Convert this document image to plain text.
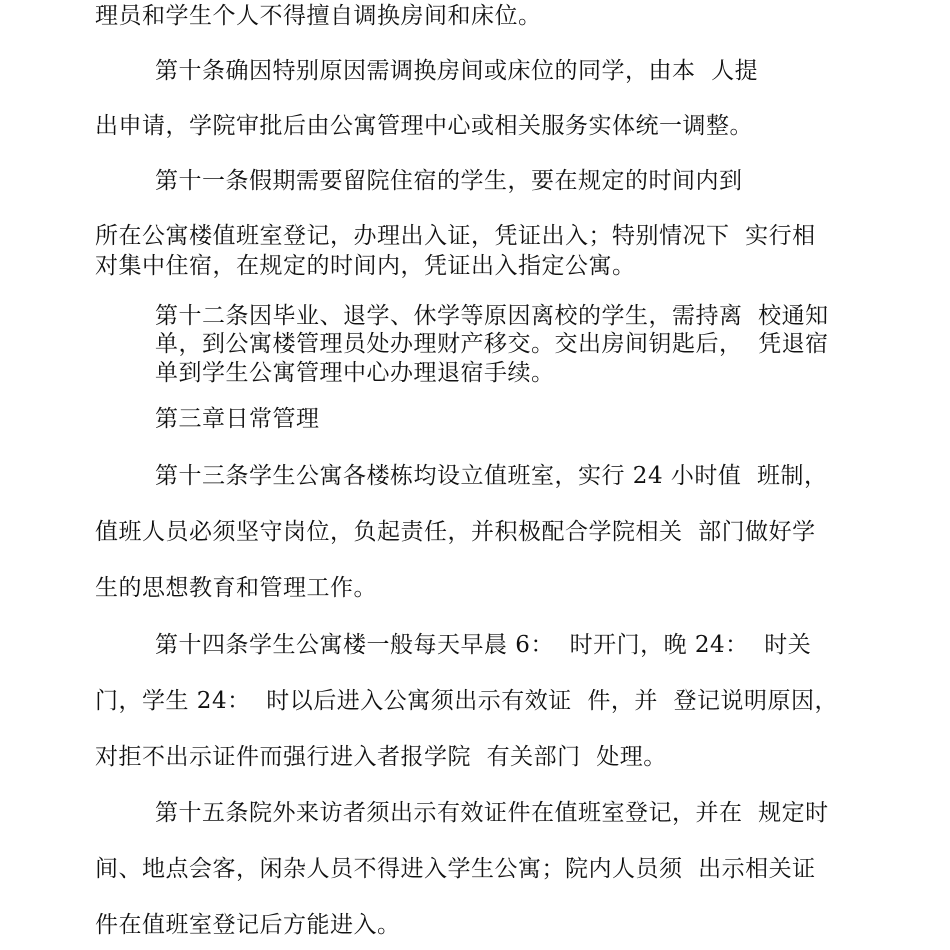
理员和学生个人不得擅自调换房间和床位。

第十条确因特别原因需调换房间或床位的同学，由本  人提

出申请，学院审批后由公寓管理中心或相关服务实体统一调整。

第十一条假期需要留院住宿的学生，要在规定的时间内到

所在公寓楼值班室登记，办理出入证，凭证出入；特别情况下  实行相

对集中住宿，在规定的时间内，凭证出入指定公寓。

第十二条因毕业、退学、休学等原因离校的学生，需持离  校通知

单，到公寓楼管理员处办理财产移交。交出房间钥匙后，  凭退宿

单到学生公寓管理中心办理退宿手续。

第三章日常管理

第十三条学生公寓各楼栋均设立值班室，实行 24 小时值  班制，

值班人员必须坚守岗位，负起责任，并积极配合学院相关  部门做好学

生的思想教育和管理工作。

第十四条学生公寓楼一般每天早晨 6：  时开门，晚 24：  时关

门，学生 24：  时以后进入公寓须出示有效证  件，并  登记说明原因，

对拒不出示证件而强行进入者报学院  有关部门  处理。

第十五条院外来访者须出示有效证件在值班室登记，并在  规定时

间、地点会客，闲杂人员不得进入学生公寓；院内人员须  出示相关证

件在值班室登记后方能进入。
